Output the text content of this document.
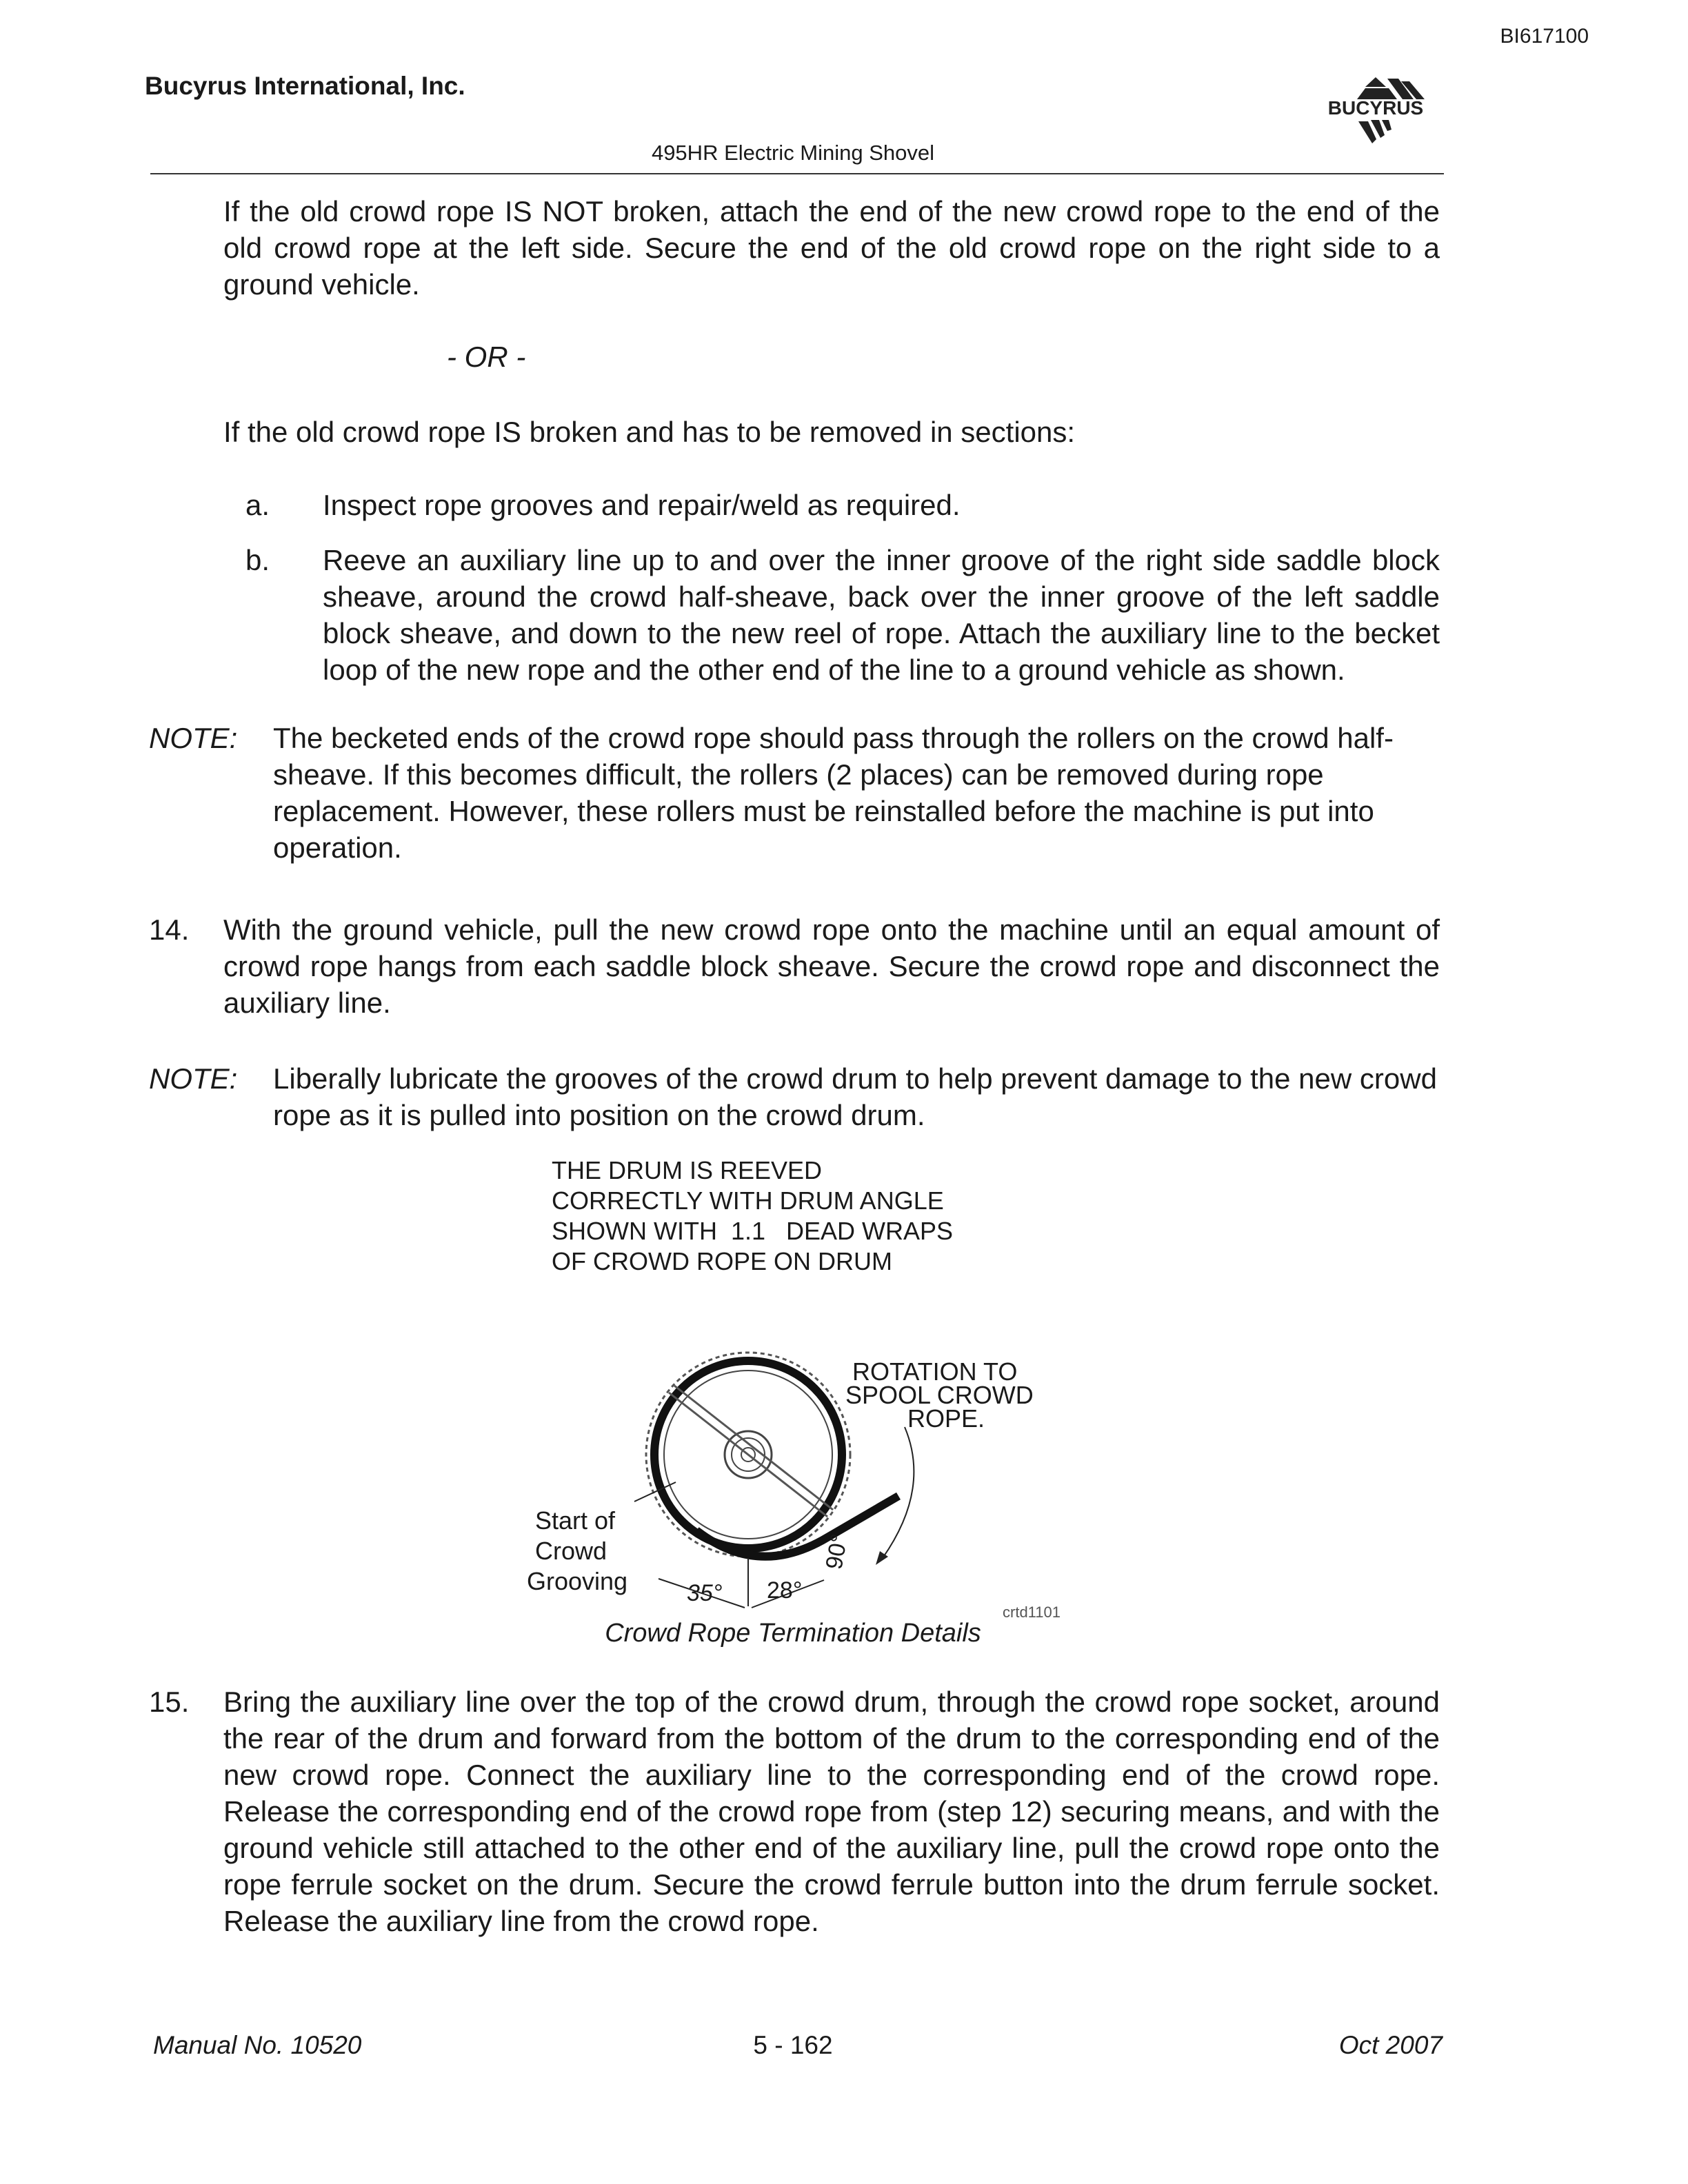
BI617100
Bucyrus International, Inc.
495HR Electric Mining Shovel
BUCYRUS
If the old crowd rope IS NOT broken, attach the end of the new crowd rope to the end of the old crowd rope at the left side. Secure the end of the old crowd rope on the right side to a ground vehicle.
- OR -
If the old crowd rope IS broken and has to be removed in sections:
a. Inspect rope grooves and repair/weld as required.
b. Reeve an auxiliary line up to and over the inner groove of the right side saddle block sheave, around the crowd half-sheave, back over the inner groove of the left saddle block sheave, and down to the new reel of rope. Attach the auxiliary line to the becket loop of the new rope and the other end of the line to a ground vehicle as shown.
NOTE: The becketed ends of the crowd rope should pass through the rollers on the crowd half-sheave. If this becomes difficult, the rollers (2 places) can be removed during rope replacement. However, these rollers must be reinstalled before the machine is put into operation.
14. With the ground vehicle, pull the new crowd rope onto the machine until an equal amount of crowd rope hangs from each saddle block sheave. Secure the crowd rope and disconnect the auxiliary line.
NOTE: Liberally lubricate the grooves of the crowd drum to help prevent damage to the new crowd rope as it is pulled into position on the crowd drum.
THE DRUM IS REEVED
CORRECTLY WITH DRUM ANGLE
SHOWN WITH  1.1   DEAD WRAPS
OF CROWD ROPE ON DRUM
ROTATION TO
SPOOL CROWD
ROPE.
Start of
Crowd
Grooving	35° 28°
90°
crtd1101
Crowd Rope Termination Details
15. Bring the auxiliary line over the top of the crowd drum, through the crowd rope socket, around the rear of the drum and forward from the bottom of the drum to the corresponding end of the new crowd rope. Connect the auxiliary line to the corresponding end of the crowd rope. Release the corresponding end of the crowd rope from (step 12) securing means, and with the ground vehicle still attached to the other end of the auxiliary line, pull the crowd rope onto the rope ferrule socket on the drum. Secure the crowd ferrule button into the drum ferrule socket. Release the auxiliary line from the crowd rope.
Manual No. 10520	5 - 162	Oct 2007
